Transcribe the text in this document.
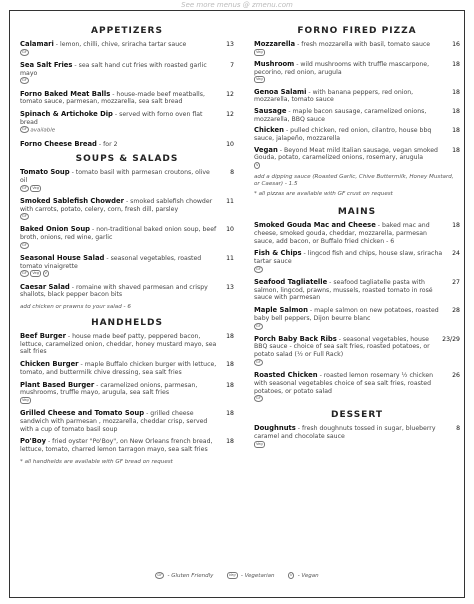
See more menus @ zmenu.com
APPETIZERS
Calamari - lemon, chilli, chive, sriracha tartar sauce	13
GF
Sea Salt Fries - sea salt hand cut fries with roasted garlic mayo
7
GF
Forno Baked Meat Balls - house-made beef meatballs, tomato sauce, parmesan, mozzarella, sea salt bread
12
Spinach & Artichoke Dip - served with forno oven flat bread
12
GF available
Forno Cheese Bread - for 2	10
SOUPS & SALADS
Tomato Soup - tomato basil with parmesan croutons, olive oil
8
GF Veg
Smoked Sablefish Chowder - smoked sablefish chowder with carrots, potato, celery, corn, fresh dill, parsley
11
GF
Baked Onion Soup - non-traditional baked onion soup, beef broth, onions, red wine, garlic
10
GF
Seasonal House Salad - seasonal vegetables, roasted tomato vinaigrette
11
GF Veg V
Caesar Salad - romaine with shaved parmesan and crispy shallots, black pepper bacon bits
13
add chicken or prawns to your salad - 6
HANDHELDS
Beef Burger - house made beef patty, peppered bacon, lettuce, caramelized onion, cheddar, honey mustard mayo, sea salt fries
18
Chicken Burger - maple Buffalo chicken burger with lettuce, tomato, and buttermilk chive dressing, sea salt fries
18
Plant Based Burger - caramelized onions, parmesan, mushrooms, truffle mayo, arugula, sea salt fries
18
Veg
Grilled Cheese and Tomato Soup - grilled cheese sandwich with parmesan , mozzarella, cheddar crisp, served with a cup of tomato basil soup
18
Po'Boy - fried oyster "Po'Boy", on New Orleans french bread, lettuce, tomato, charred lemon tarragon mayo, sea salt fries
18
* all handhelds are available with GF bread on request
FORNO FIRED PIZZA
Mozzarella - fresh mozzarella with basil, tomato sauce	16
Veg
Mushroom - wild mushrooms with truffle mascarpone, pecorino, red onion, arugula
18
Veg
Genoa Salami - with banana peppers, red onion, mozzarella, tomato sauce
18
Sausage - maple bacon sausage, caramelized onions, mozzarella, BBQ sauce
18
Chicken - pulled chicken, red onion, cilantro, house bbq sauce, jalapeño, mozzarella
18
Vegan - Beyond Meat mild Italian sausage, vegan smoked Gouda, potato, caramelized onions, rosemary, arugula
18
V
add a dipping sauce (Roasted Garlic, Chive Buttermilk, Honey Mustard, or Caesar) - 1.5
* all pizzas are available with GF crust on request
MAINS
Smoked Gouda Mac and Cheese - baked mac and cheese, smoked gouda, cheddar, mozzarella, parmesan sauce, add bacon, or Buffalo fried chicken - 6
18
Fish & Chips - lingcod fish and chips, house slaw, sriracha tartar sauce
24
GF
Seafood Tagliatelle - seafood tagliatelle pasta with salmon, lingcod, prawns, mussels, roasted tomato in rosé sauce with parmesan
27
Maple Salmon - maple salmon on new potatoes, roasted baby bell peppers, Dijon beurre blanc
28
GF
Porch Baby Back Ribs - seasonal vegetables, house BBQ sauce - choice of sea salt fries, roasted potatoes, or potato salad (½ or Full Rack)
23/29
GF
Roasted Chicken - roasted lemon rosemary ½ chicken with seasonal vegetables choice of sea salt fries, roasted potatoes, or potato salad
26
GF
DESSERT
Doughnuts - fresh doughnuts tossed in sugar, blueberry caramel and chocolate sauce
8
Veg
GF - Gluten Friendly	Veg - Vegetarian	V - Vegan
